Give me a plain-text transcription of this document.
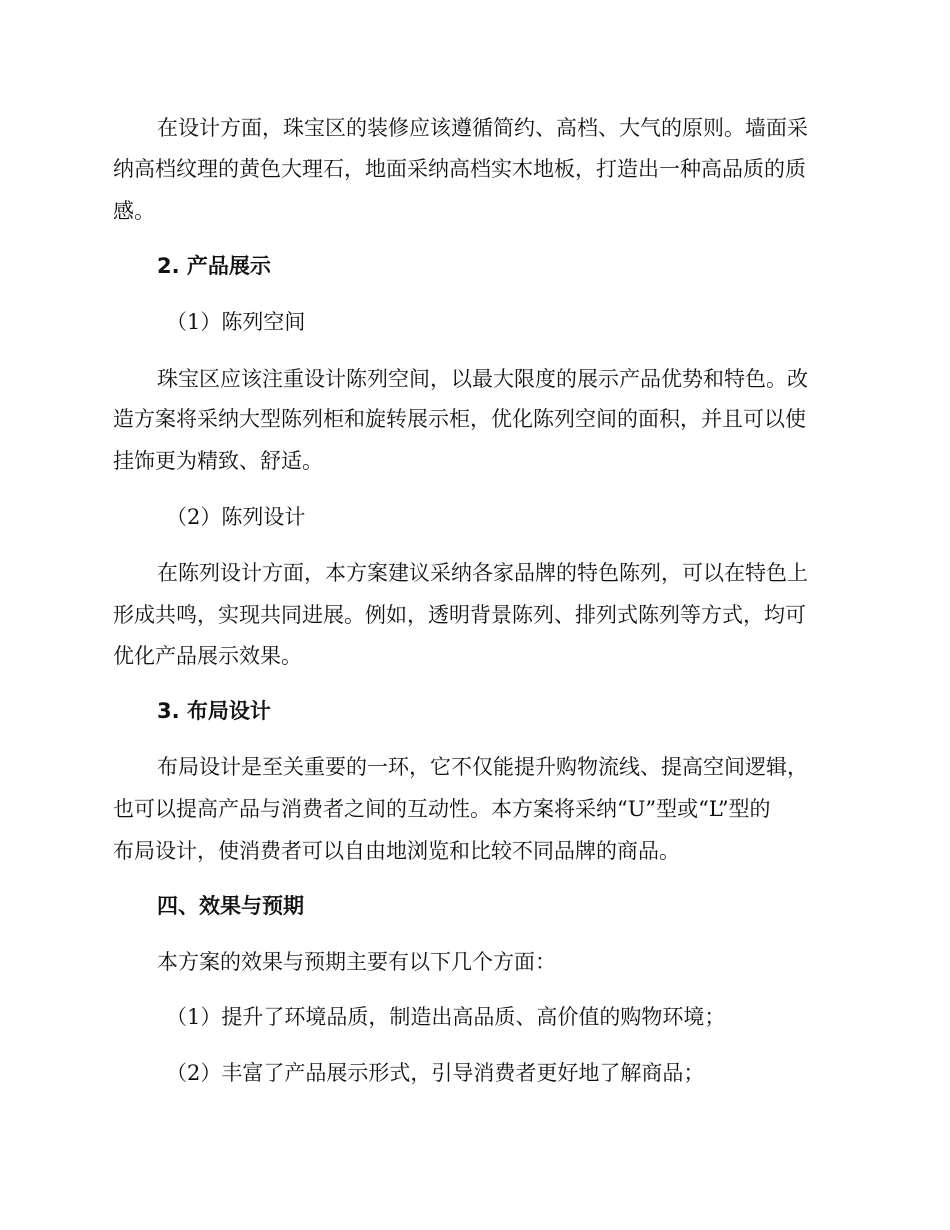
在设计方面，珠宝区的装修应该遵循简约、高档、大气的原则。墙面采
纳高档纹理的黄色大理石，地面采纳高档实木地板，打造出一种高品质的质
感。
2. 产品展示
（1）陈列空间
珠宝区应该注重设计陈列空间，以最大限度的展示产品优势和特色。改
造方案将采纳大型陈列柜和旋转展示柜，优化陈列空间的面积，并且可以使
挂饰更为精致、舒适。
（2）陈列设计
在陈列设计方面，本方案建议采纳各家品牌的特色陈列，可以在特色上
形成共鸣，实现共同进展。例如，透明背景陈列、排列式陈列等方式，均可
优化产品展示效果。
3. 布局设计
布局设计是至关重要的一环，它不仅能提升购物流线、提高空间逻辑，
也可以提高产品与消费者之间的互动性。本方案将采纳“U”型或“L”型的
布局设计，使消费者可以自由地浏览和比较不同品牌的商品。
四、效果与预期
本方案的效果与预期主要有以下几个方面：
（1）提升了环境品质，制造出高品质、高价值的购物环境；
（2）丰富了产品展示形式，引导消费者更好地了解商品；
